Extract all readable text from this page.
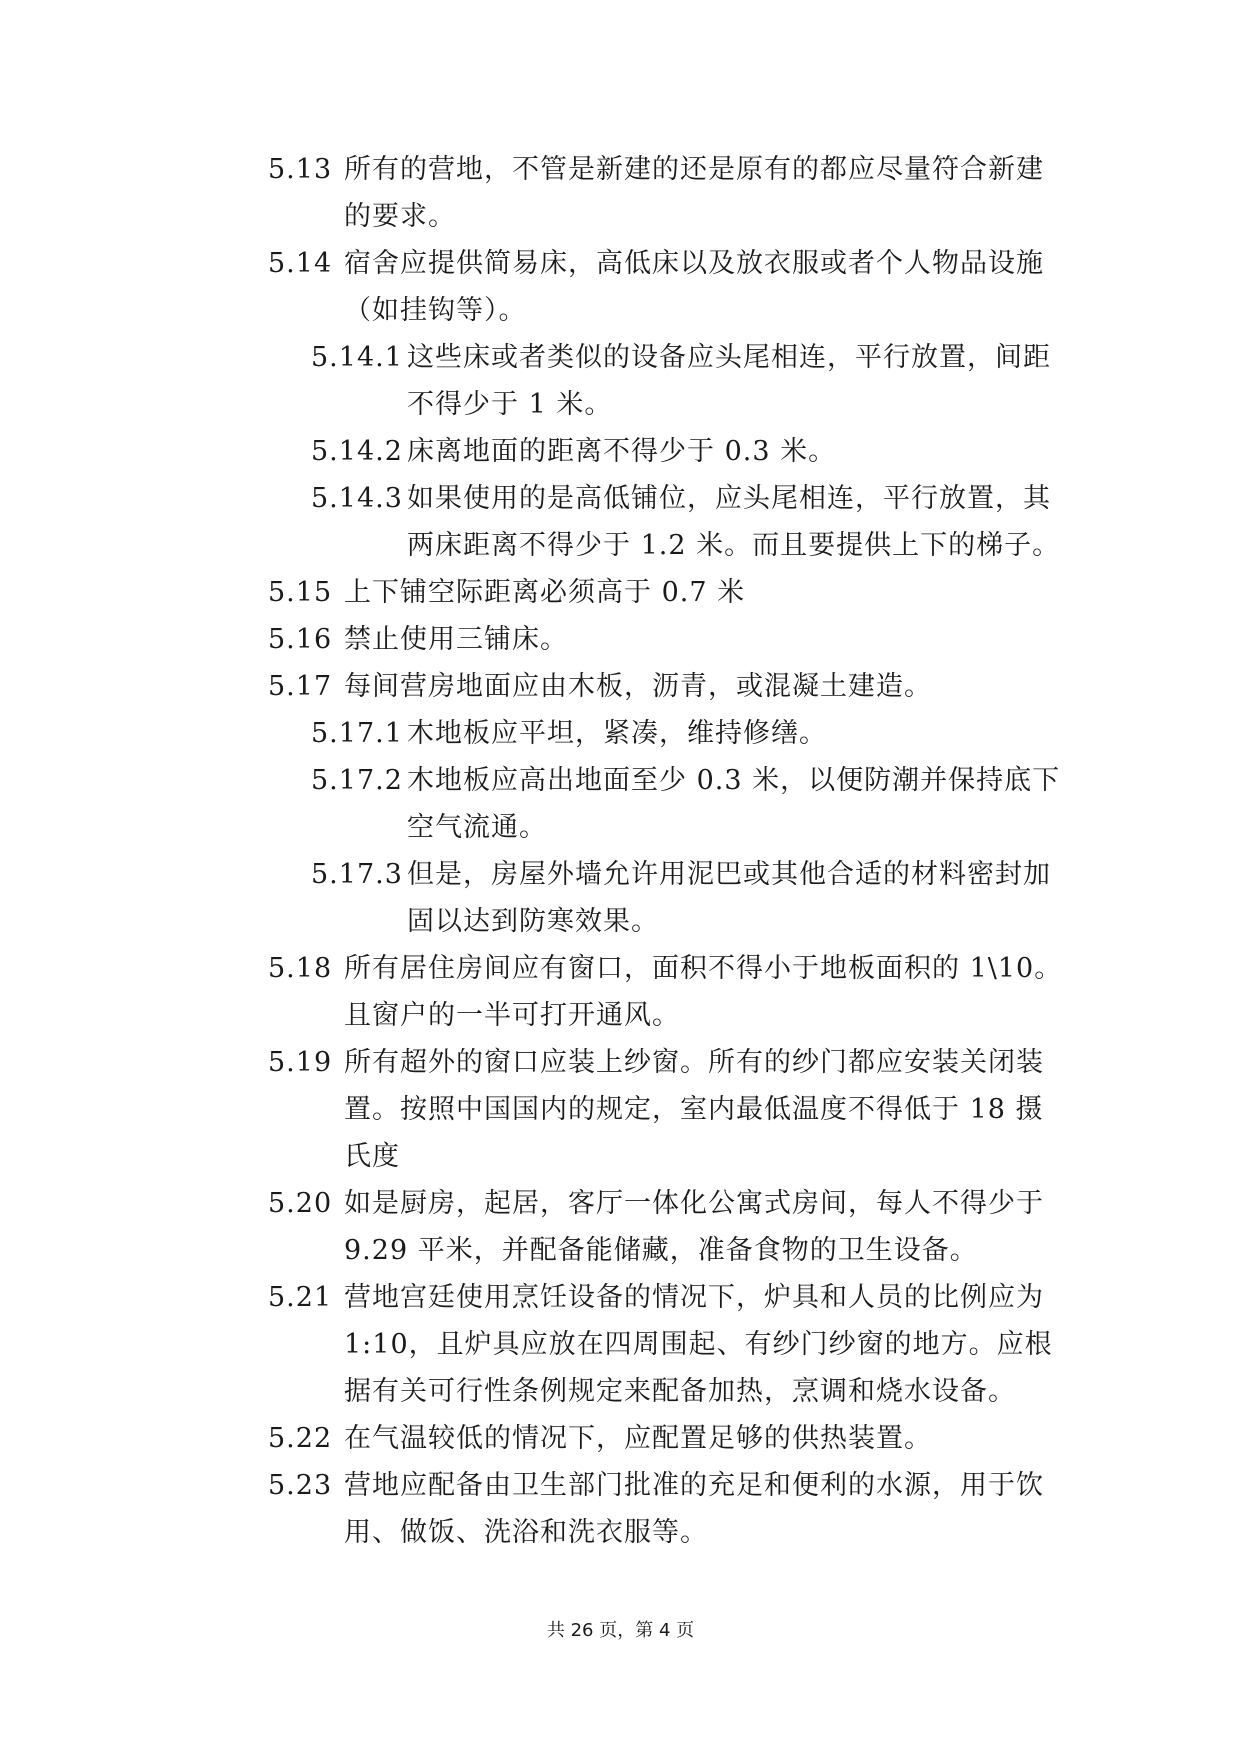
5.13 所有的营地，不管是新建的还是原有的都应尽量符合新建的要求。
5.14 宿舍应提供简易床，高低床以及放衣服或者个人物品设施（如挂钩等）。
5.14.1 这些床或者类似的设备应头尾相连，平行放置，间距不得少于 1 米。
5.14.2 床离地面的距离不得少于 0.3 米。
5.14.3 如果使用的是高低铺位，应头尾相连，平行放置，其两床距离不得少于 1.2 米。而且要提供上下的梯子。
5.15 上下铺空际距离必须高于 0.7 米
5.16 禁止使用三铺床。
5.17 每间营房地面应由木板，沥青，或混凝土建造。
5.17.1 木地板应平坦，紧凑，维持修缮。
5.17.2 木地板应高出地面至少 0.3 米，以便防潮并保持底下空气流通。
5.17.3 但是，房屋外墙允许用泥巴或其他合适的材料密封加固以达到防寒效果。
5.18 所有居住房间应有窗口，面积不得小于地板面积的 1\10。且窗户的一半可打开通风。
5.19 所有超外的窗口应装上纱窗。所有的纱门都应安装关闭装置。按照中国国内的规定，室内最低温度不得低于 18 摄氏度
5.20 如是厨房，起居，客厅一体化公寓式房间，每人不得少于 9.29 平米，并配备能储藏，准备食物的卫生设备。
5.21 营地宫廷使用烹饪设备的情况下，炉具和人员的比例应为 1:10，且炉具应放在四周围起、有纱门纱窗的地方。应根据有关可行性条例规定来配备加热，烹调和烧水设备。
5.22 在气温较低的情况下，应配置足够的供热装置。
5.23 营地应配备由卫生部门批准的充足和便利的水源，用于饮用、做饭、洗浴和洗衣服等。
共 26 页，第 4 页
